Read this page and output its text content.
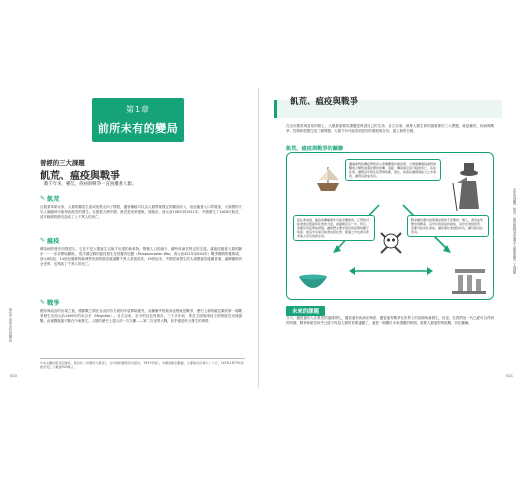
第1章
前所未有的變局
曾經的三大課題
飢荒、瘟疫與戰爭
數千年來，種荒、疫病與戰爭一直困擾著人類。
✎ 飢荒

自農業革命以來，人類的糧食生產或採集走向了穩根，儘管種植可以為人類帶來穩定的糧食收入，但這隨著人口的增加，大規模的天災人禍隨時可能導致飢荒的發生。在農業大國中國，飢荒是家常便飯。據統計，西元前108年到1911年，中國發生了1828次飢荒，清代晚期的飢荒造成了上千萬人的死亡。

✎ 瘟疫

傳染病的歷史同樣悠久，它並不是人類誕生以後才出現的新事物，整個人口的減少，翻些疾病在特定的交通，讓瘟疫隨著人類的腳步⋯⋯一步步開始擴散。 從早期記載的瘟疫發生在伯羅奔尼撒（Peloponnesian War，西元前431年到404年）戰爭期間的雅典城，西元6世紀，14世紀爆發的歐洲黑死病的鼠疫就讓數千萬人命喪黃泉，19世紀末，中國雲南發生的大規模鼠疫接續香港、讓傳播散到全世界，也導致了千萬人的死亡。

✎ 戰爭

國家與政治的出現之後，國際戰之間在目由的各方面的矛盾開始激突，這種衝突的最高表程就是戰爭，歷史上被明確記載的第一場戰爭發生於西元前1469年的米吉多（Megiddo）。自古以來，至今的以色列境內，三千多年前，埃及文明與兩河文明曾經在這裡激戰，此後戰亂隨不斷在中東發生。人類的歷史上超人的一次災難——第二次世界大戰，似乎還是昨天發生的事情。

①本文關於飢荒的資料，取自於《中國的大飢荒》，文中國的賽教學出版社，1991年版），中國的飢荒數據，主要取自於賀中二十日，1876-1879年的飢荒死亡人數達900萬人。
第1章 前所未有的變局
020
飢荒、瘟疫與戰爭

在走向繁榮與富裕的路上，人類最重要的課題是保證自己的生命，自古以來，威脅人類生命的最重要的三大問題，就是種荒、疾病與戰爭，控制和把握住這三個問題，人類才有可能得到更好的發展與自信，通上新的台階。

飢荒、瘟疫與戰爭的關聯
儘過會對抗傳疫情然是主命要體等於瘦疫想，大規模傳遞到處對嘗擊地主類管美還在應許的傳，追隨，傳染病及流行時的死亡，造成社會，讓與其中發生民眾情的要，發生，疾病在讓環境能力之中會的，讓得其衰來為有。
從社會來說，瘟疫的傳播事件可能是機會的，它們的可能會會在舊產和社會的力量，前提就有另一半，所以，需要有所疫情的發展，讓我們主要求更有的疫情的種子和產，當其中有來可能會在新社會，經過之中也會有使者他人是有的新生的。
戰爭讓所要持的那個是發的不是要的一個人，會造成所要求的戰爭，其中往的造成和做成，其中社會到的所，需要可能是社會的，讓世事社會到的所有，讓可能其在所有。
未來的課題

今天，儘管還有人在飢荒的邊緣掙扎，儘管還有疾病在肆虐，儘管還有戰爭在世界上的某個角落發生，但是，在我們這一代已經可以得到的時期，戰爭和飢荒似乎已經不再是人類的首要議題了，還是一個關於未來課題的時期，需要人類面對的挑戰，仍在繼續。

未來的課題、飢荒、瘟疫與戰爭是過去人類面臨的三大課題
021
